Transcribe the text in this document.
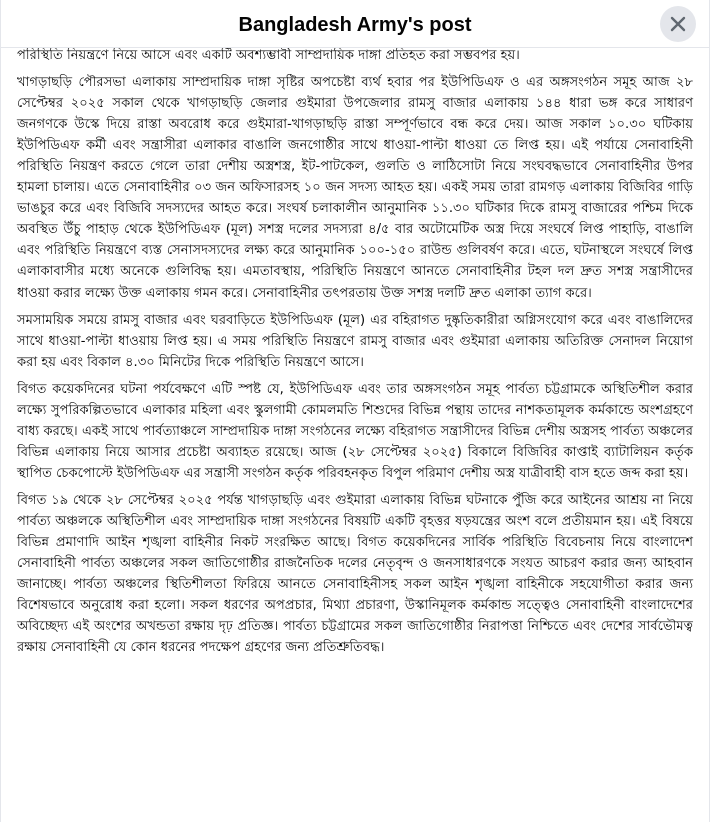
Bangladesh Army's post

পরিস্থিতি নিয়ন্ত্রণে নিয়ে আসে এবং একটি অবশ্যম্ভাবী সাম্প্রদায়িক দাঙ্গা প্রতিহত করা সম্ভবপর হয়।

খাগড়াছড়ি পৌরসভা এলাকায় সাম্প্রদায়িক দাঙ্গা সৃষ্টির অপচেষ্টা ব্যর্থ হবার পর ইউপিডিএফ ও এর অঙ্গসংগঠন সমূহ আজ ২৮ সেপ্টেম্বর ২০২৫ সকাল থেকে খাগড়াছড়ি জেলার গুইমারা উপজেলার রামসু বাজার এলাকায় ১৪৪ ধারা ভঙ্গ করে সাধারণ জনগণকে উস্কে দিয়ে রাস্তা অবরোধ করে গুইমারা-খাগড়াছড়ি রাস্তা সম্পূর্ণভাবে বন্ধ করে দেয়। আজ সকাল ১০.৩০ ঘটিকায় ইউপিডিএফ কর্মী এবং সন্ত্রাসীরা এলাকার বাঙালি জনগোষ্ঠীর সাথে ধাওয়া-পাল্টা ধাওয়া তে লিপ্ত হয়। এই পর্যায়ে সেনাবাহিনী পরিস্থিতি নিয়ন্ত্রণ করতে গেলে তারা দেশীয় অস্ত্রশস্ত্র, ইট-পাটকেল, গুলতি ও লাঠিসোটা নিয়ে সংঘবদ্ধভাবে সেনাবাহিনীর উপর হামলা চালায়। এতে সেনাবাহিনীর ০৩ জন অফিসারসহ ১০ জন সদস্য আহত হয়। একই সময় তারা রামগড় এলাকায় বিজিবির গাড়ি ভাঙচুর করে এবং বিজিবি সদস্যদের আহত করে। সংঘর্ষ চলাকালীন আনুমানিক ১১.৩০ ঘটিকার দিকে রামসু বাজারের পশ্চিম দিকে অবস্থিত উঁচু পাহাড় থেকে ইউপিডিএফ (মূল) সশস্ত্র দলের সদস্যরা ৪/৫ বার অটোমেটিক অস্ত্র দিয়ে সংঘর্ষে লিপ্ত পাহাড়ি, বাঙালি এবং পরিস্থিতি নিয়ন্ত্রণে ব্যস্ত সেনাসদস্যদের লক্ষ্য করে আনুমানিক ১০০-১৫০ রাউন্ড গুলিবর্ষণ করে। এতে, ঘটনাস্থলে সংঘর্ষে লিপ্ত এলাকাবাসীর মধ্যে অনেকে গুলিবিদ্ধ হয়। এমতাবস্থায়, পরিস্থিতি নিয়ন্ত্রণে আনতে সেনাবাহিনীর টহল দল দ্রুত সশস্ত্র সন্ত্রাসীদের ধাওয়া করার লক্ষ্যে উক্ত এলাকায় গমন করে। সেনাবাহিনীর তৎপরতায় উক্ত সশস্ত্র দলটি দ্রুত এলাকা ত্যাগ করে।

সমসাময়িক সময়ে রামসু বাজার এবং ঘরবাড়িতে ইউপিডিএফ (মূল) এর বহিরাগত দুষ্কৃতিকারীরা অগ্নিসংযোগ করে এবং বাঙালিদের সাথে ধাওয়া-পাল্টা ধাওয়ায় লিপ্ত হয়। এ সময় পরিস্থিতি নিয়ন্ত্রণে রামসু বাজার এবং গুইমারা এলাকায় অতিরিক্ত সেনাদল নিয়োগ করা হয় এবং বিকাল ৪.৩০ মিনিটের দিকে পরিস্থিতি নিয়ন্ত্রণে আসে।

বিগত কয়েকদিনের ঘটনা পর্যবেক্ষণে এটি স্পষ্ট যে, ইউপিডিএফ এবং তার অঙ্গসংগঠন সমূহ পার্বত্য চট্টগ্রামকে অস্থিতিশীল করার লক্ষ্যে সুপরিকল্পিতভাবে এলাকার মহিলা এবং স্কুলগামী কোমলমতি শিশুদের বিভিন্ন পন্থায় তাদের নাশকতামূলক কর্মকান্ডে অংশগ্রহণে বাধ্য করছে। একই সাথে পার্বত্যাঞ্চলে সাম্প্রদায়িক দাঙ্গা সংগঠনের লক্ষ্যে বহিরাগত সন্ত্রাসীদের বিভিন্ন দেশীয় অস্ত্রসহ পার্বত্য অঞ্চলের বিভিন্ন এলাকায় নিয়ে আসার প্রচেষ্টা অব্যাহত রয়েছে। আজ (২৮ সেপ্টেম্বর ২০২৫) বিকালে বিজিবির কাপ্তাই ব্যাটালিয়ন কর্তৃক স্থাপিত চেকপোস্টে ইউপিডিএফ এর সন্ত্রাসী সংগঠন কর্তৃক পরিবহনকৃত বিপুল পরিমাণ দেশীয় অস্ত্র যাত্রীবাহী বাস হতে জব্দ করা হয়।

বিগত ১৯ থেকে ২৮ সেপ্টেম্বর ২০২৫ পর্যন্ত খাগড়াছড়ি এবং গুইমারা এলাকায় বিভিন্ন ঘটনাকে পুঁজি করে আইনের আশ্রয় না নিয়ে পার্বত্য অঞ্চলকে অস্থিতিশীল এবং সাম্প্রদায়িক দাঙ্গা সংগঠনের বিষয়টি একটি বৃহত্তর ষড়যন্ত্রের অংশ বলে প্রতীয়মান হয়। এই বিষয়ে বিভিন্ন প্রমাণাদি আইন শৃঙ্খলা বাহিনীর নিকট সংরক্ষিত আছে। বিগত কয়েকদিনের সার্বিক পরিস্থিতি বিবেচনায় নিয়ে বাংলাদেশ সেনাবাহিনী পার্বত্য অঞ্চলের সকল জাতিগোষ্ঠীর রাজনৈতিক দলের নেতৃবৃন্দ ও জনসাধারণকে সংযত আচরণ করার জন্য আহবান জানাচ্ছে। পার্বত্য অঞ্চলের স্থিতিশীলতা ফিরিয়ে আনতে সেনাবাহিনীসহ সকল আইন শৃঙ্খলা বাহিনীকে সহযোগীতা করার জন্য বিশেষভাবে অনুরোধ করা হলো। সকল ধরণের অপপ্রচার, মিথ্যা প্রচারণা, উস্কানিমূলক কর্মকান্ড সত্ত্বেও সেনাবাহিনী বাংলাদেশের অবিচ্ছেদ্য এই অংশের অখন্ডতা রক্ষায় দৃঢ় প্রতিজ্ঞ। পার্বত্য চট্টগ্রামের সকল জাতিগোষ্ঠীর নিরাপত্তা নিশ্চিতে এবং দেশের সার্বভৌমত্ব রক্ষায় সেনাবাহিনী যে কোন ধরনের পদক্ষেপ গ্রহণের জন্য প্রতিশ্রুতিবদ্ধ।
